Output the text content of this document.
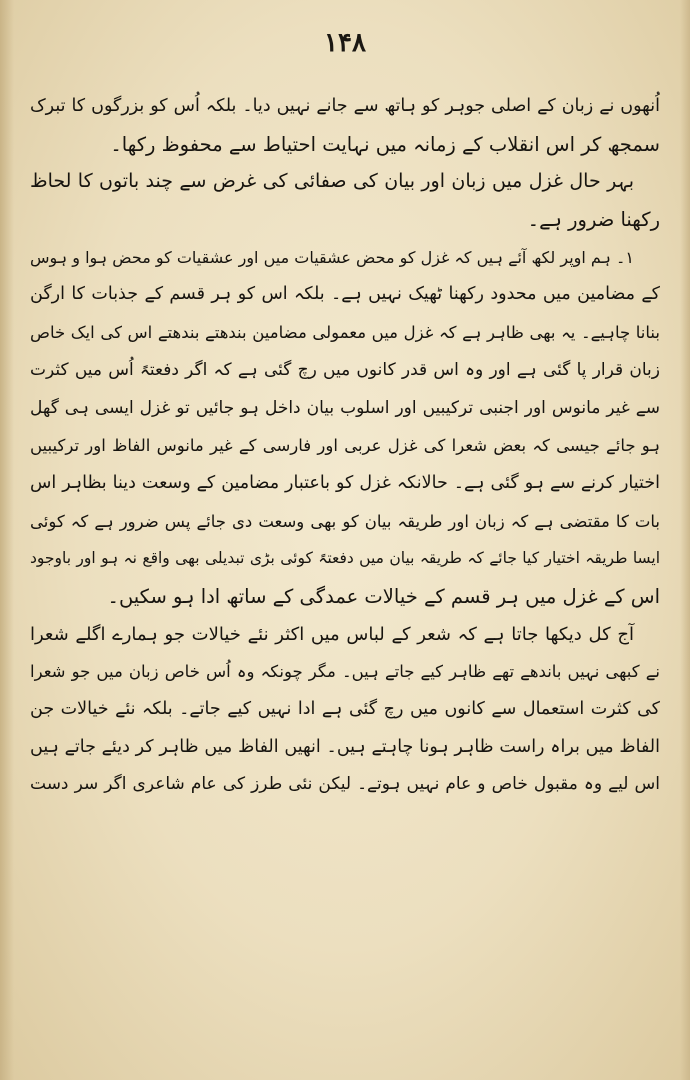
۱۴۸
اُنھوں نے زبان کے اصلی جوہر کو ہاتھ سے جانے نہیں دیا۔ بلکہ اُس کو بزرگوں کا تبرک
سمجھ کر اس انقلاب کے زمانہ میں نہایت احتیاط سے محفوظ رکھا۔
بہر حال غزل میں زبان اور بیان کی صفائی کی غرض سے چند باتوں کا لحاظ
رکھنا ضرور ہے۔
۱۔ ہم اوپر لکھ آئے ہیں کہ غزل کو محض عشقیات میں اور عشقیات کو محض ہوا و ہوس
کے مضامین میں محدود رکھنا ٹھیک نہیں ہے۔ بلکہ اس کو ہر قسم کے جذبات کا ارگن
بنانا چاہیے۔ یہ بھی ظاہر ہے کہ غزل میں معمولی مضامین بندھتے بندھتے اس کی ایک خاص
زبان قرار پا گئی ہے اور وہ اس قدر کانوں میں رچ گئی ہے کہ اگر دفعتہً اُس میں کثرت
سے غیر مانوس اور اجنبی ترکیبیں اور اسلوب بیان داخل ہو جائیں تو غزل ایسی ہی گھل
ہو جائے جیسی کہ بعض شعرا کی غزل عربی اور فارسی کے غیر مانوس الفاظ اور ترکیبیں
اختیار کرنے سے ہو گئی ہے۔ حالانکہ غزل کو باعتبار مضامین کے وسعت دینا بظاہر اس
بات کا مقتضی ہے کہ زبان اور طریقہ بیان کو بھی وسعت دی جائے پس ضرور ہے کہ کوئی
ایسا طریقہ اختیار کیا جائے کہ طریقہ بیان میں دفعتہً کوئی بڑی تبدیلی بھی واقع نہ ہو اور باوجود
اس کے غزل میں ہر قسم کے خیالات عمدگی کے ساتھ ادا ہو سکیں۔
آج کل دیکھا جاتا ہے کہ شعر کے لباس میں اکثر نئے خیالات جو ہمارے اگلے شعرا
نے کبھی نہیں باندھے تھے ظاہر کیے جاتے ہیں۔ مگر چونکہ وہ اُس خاص زبان میں جو شعرا
کی کثرت استعمال سے کانوں میں رچ گئی ہے ادا نہیں کیے جاتے۔ بلکہ نئے خیالات جن
الفاظ میں براہ راست ظاہر ہونا چاہتے ہیں۔ انھیں الفاظ میں ظاہر کر دیئے جاتے ہیں
اس لیے وہ مقبول خاص و عام نہیں ہوتے۔ لیکن نئی طرز کی عام شاعری اگر سر دست
